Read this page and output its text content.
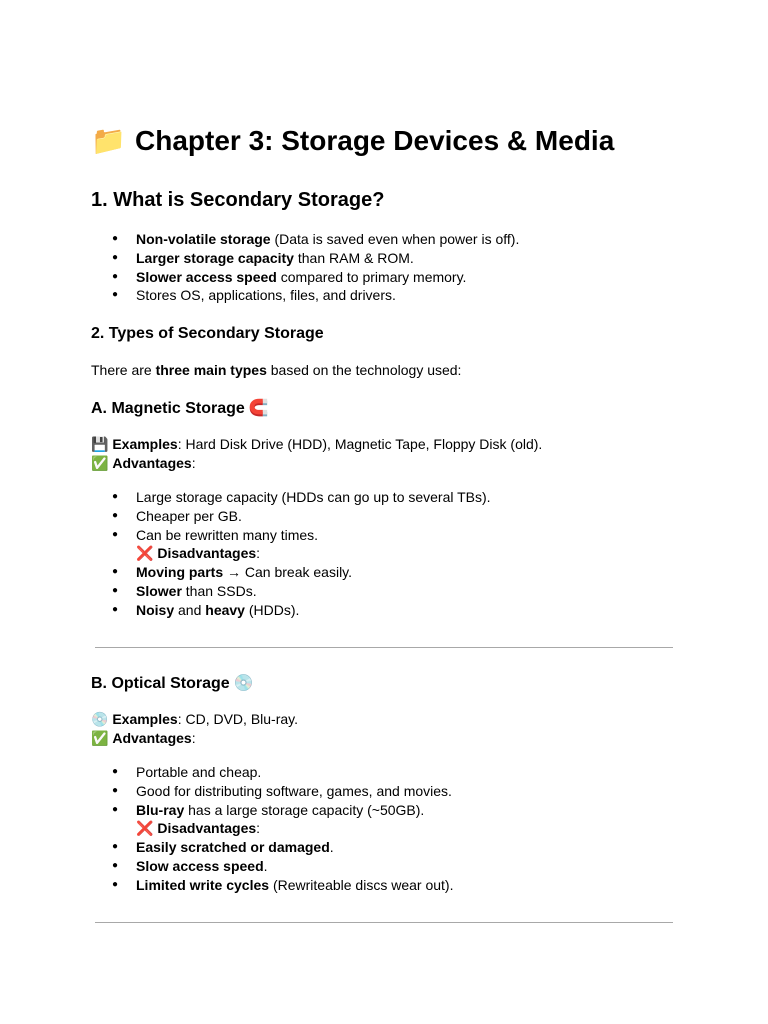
📁 Chapter 3: Storage Devices & Media
1. What is Secondary Storage?
● Non-volatile storage (Data is saved even when power is off).
● Larger storage capacity than RAM & ROM.
● Slower access speed compared to primary memory.
● Stores OS, applications, files, and drivers.
2. Types of Secondary Storage

There are three main types based on the technology used:

A. Magnetic Storage 🧲

💾 Examples: Hard Disk Drive (HDD), Magnetic Tape, Floppy Disk (old).

✅ Advantages:

● Large storage capacity (HDDs can go up to several TBs).
● Cheaper per GB.
● Can be rewritten many times.
❌ Disadvantages:
● Moving parts → Can break easily.
● Slower than SSDs.
● Noisy and heavy (HDDs).
B. Optical Storage 💿

💿 Examples: CD, DVD, Blu-ray.

✅ Advantages:

● Portable and cheap.
● Good for distributing software, games, and movies.
● Blu-ray has a large storage capacity (~50GB).
❌ Disadvantages:
● Easily scratched or damaged.
● Slow access speed.
● Limited write cycles (Rewriteable discs wear out).
